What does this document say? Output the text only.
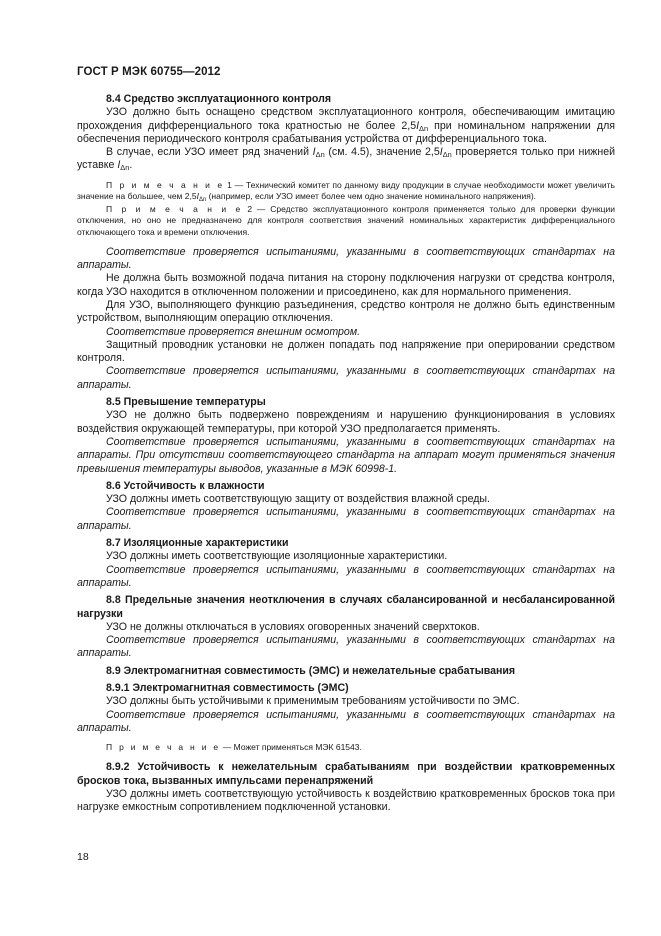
ГОСТ Р МЭК 60755—2012

8.4 Средство эксплуатационного контроля

УЗО должно быть оснащено средством эксплуатационного контроля, обеспечивающим имитацию прохождения дифференциального тока кратностью не более $2,5I_{\Delta n}$ при номинальном напряжении для обеспечения периодического контроля срабатывания устройства от дифференциального тока.

В случае, если УЗО имеет ряд значений $I_{\Delta n}$ (см. 4.5), значение $2,5I_{\Delta n}$ проверяется только при нижней уставке $I_{\Delta n}$.

П р и м е ч а н и е 1 — Технический комитет по данному виду продукции в случае необходимости может увеличить значение на большее, чем $2,5I_{\Delta n}$ (например, если УЗО имеет более чем одно значение номинального напряжения).

П р и м е ч а н и е 2 — Средство эксплуатационного контроля применяется только для проверки функции отключения, но оно не предназначено для контроля соответствия значений номинальных характеристик дифференциального отключающего тока и времени отключения.

Соответствие проверяется испытаниями, указанными в соответствующих стандартах на аппараты.

Не должна быть возможной подача питания на сторону подключения нагрузки от средства контроля, когда УЗО находится в отключенном положении и присоединено, как для нормального применения.

Для УЗО, выполняющего функцию разъединения, средство контроля не должно быть единственным устройством, выполняющим операцию отключения.

Соответствие проверяется внешним осмотром.

Защитный проводник установки не должен попадать под напряжение при оперировании средством контроля.

Соответствие проверяется испытаниями, указанными в соответствующих стандартах на аппараты.

8.5 Превышение температуры

УЗО не должно быть подвержено повреждениям и нарушению функционирования в условиях воздействия окружающей температуры, при которой УЗО предполагается применять.

Соответствие проверяется испытаниями, указанными в соответствующих стандартах на аппараты. При отсутствии соответствующего стандарта на аппарат могут применяться значения превышения температуры выводов, указанные в МЭК 60998-1.

8.6 Устойчивость к влажности

УЗО должны иметь соответствующую защиту от воздействия влажной среды.

Соответствие проверяется испытаниями, указанными в соответствующих стандартах на аппараты.

8.7 Изоляционные характеристики

УЗО должны иметь соответствующие изоляционные характеристики.

Соответствие проверяется испытаниями, указанными в соответствующих стандартах на аппараты.

8.8 Предельные значения неотключения в случаях сбалансированной и несбалансированной нагрузки

УЗО не должны отключаться в условиях оговоренных значений сверхтоков.

Соответствие проверяется испытаниями, указанными в соответствующих стандартах на аппараты.

8.9 Электромагнитная совместимость (ЭМС) и нежелательные срабатывания

8.9.1 Электромагнитная совместимость (ЭМС)

УЗО должны быть устойчивыми к применимым требованиям устойчивости по ЭМС.

Соответствие проверяется испытаниями, указанными в соответствующих стандартах на аппараты.

П р и м е ч а н и е — Может применяться МЭК 61543.

8.9.2 Устойчивость к нежелательным срабатываниям при воздействии кратковременных бросков тока, вызванных импульсами перенапряжений

УЗО должны иметь соответствующую устойчивость к воздействию кратковременных бросков тока при нагрузке емкостным сопротивлением подключенной установки.

18
